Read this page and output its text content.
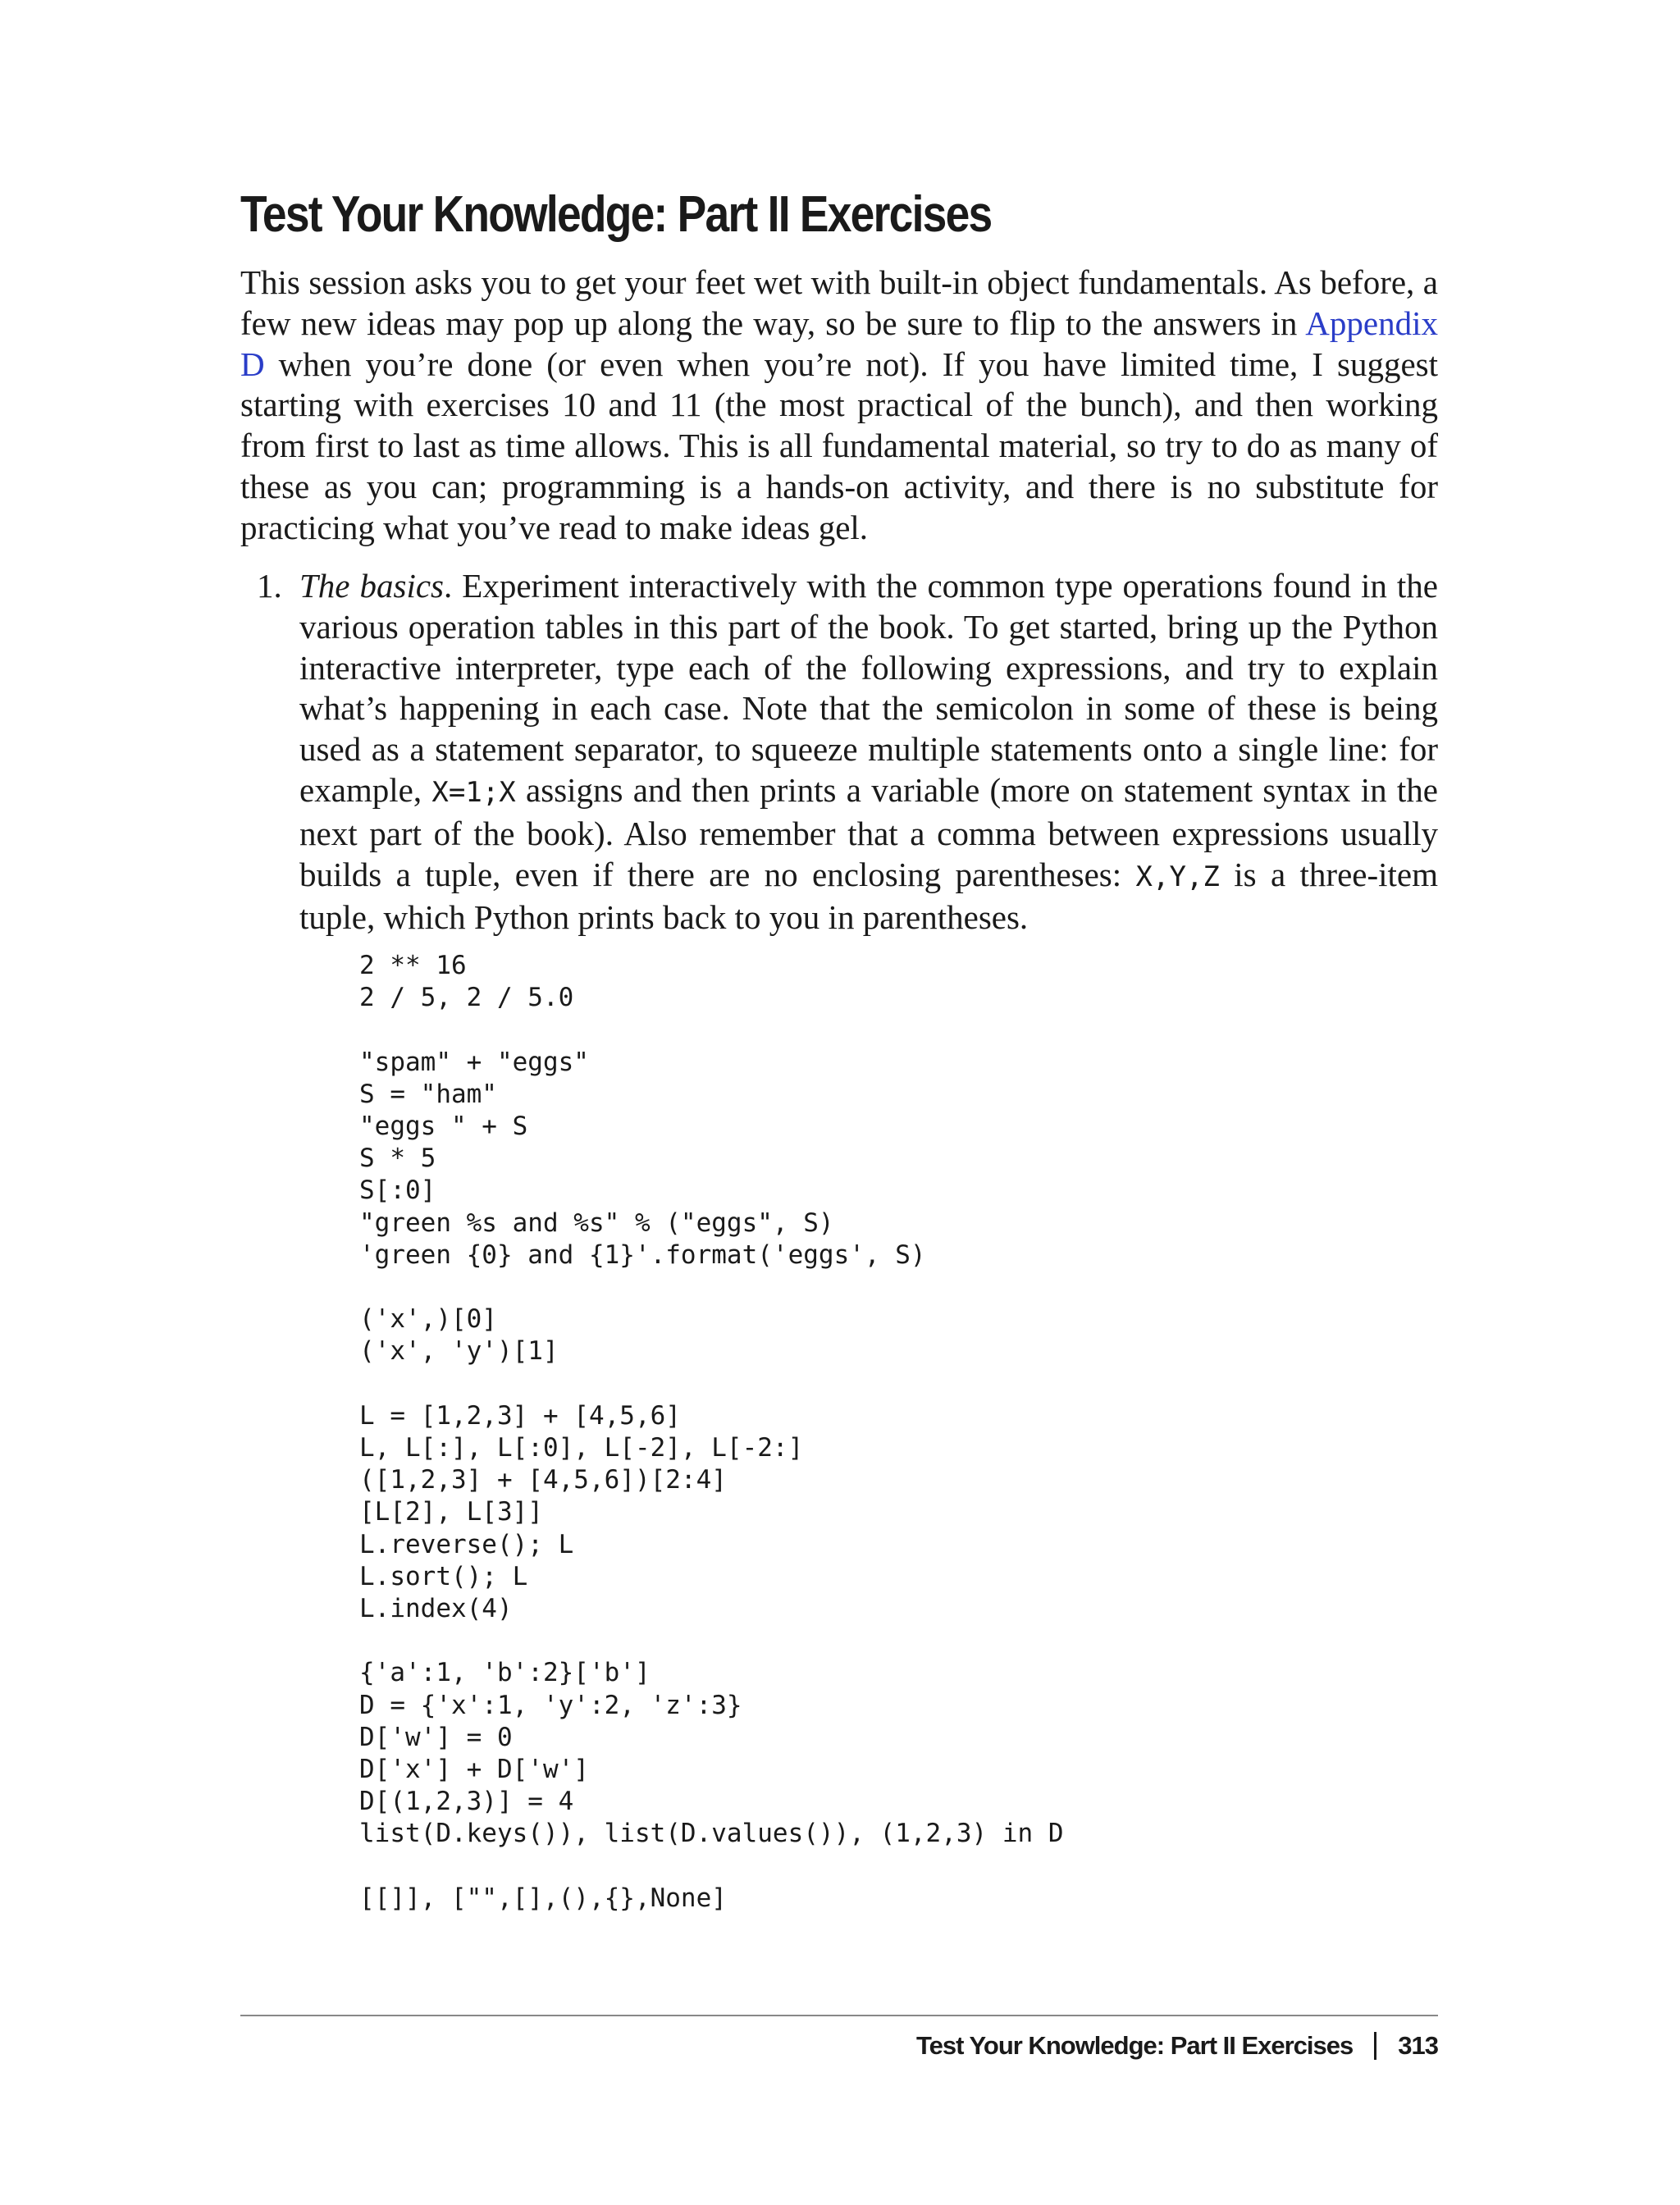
Test Your Knowledge: Part II Exercises

This session asks you to get your feet wet with built-in object fundamentals. As before, a few new ideas may pop up along the way, so be sure to flip to the answers in Appendix D when you’re done (or even when you’re not). If you have limited time, I suggest starting with exercises 10 and 11 (the most practical of the bunch), and then working from first to last as time allows. This is all fundamental material, so try to do as many of these as you can; programming is a hands-on activity, and there is no substitute for practicing what you’ve read to make ideas gel.

1. The basics. Experiment interactively with the common type operations found in the various operation tables in this part of the book. To get started, bring up the Python interactive interpreter, type each of the following expressions, and try to explain what’s happening in each case. Note that the semicolon in some of these is being used as a statement separator, to squeeze multiple statements onto a single line: for example, X=1;X assigns and then prints a variable (more on statement syntax in the next part of the book). Also remember that a comma between expressions usually builds a tuple, even if there are no enclosing parentheses: X,Y,Z is a three-item tuple, which Python prints back to you in parentheses.

2 ** 16
2 / 5, 2 / 5.0

"spam" + "eggs"
S = "ham"
"eggs " + S
S * 5
S[:0]
"green %s and %s" % ("eggs", S)
'green {0} and {1}'.format('eggs', S)

('x',)[0]
('x', 'y')[1]

L = [1,2,3] + [4,5,6]
L, L[:], L[:0], L[-2], L[-2:]
([1,2,3] + [4,5,6])[2:4]
[L[2], L[3]]
L.reverse(); L
L.sort(); L
L.index(4)

{'a':1, 'b':2}['b']
D = {'x':1, 'y':2, 'z':3}
D['w'] = 0
D['x'] + D['w']
D[(1,2,3)] = 4
list(D.keys()), list(D.values()), (1,2,3) in D

[[]], ["",[],(),{},None]
Test Your Knowledge: Part II Exercises 313
